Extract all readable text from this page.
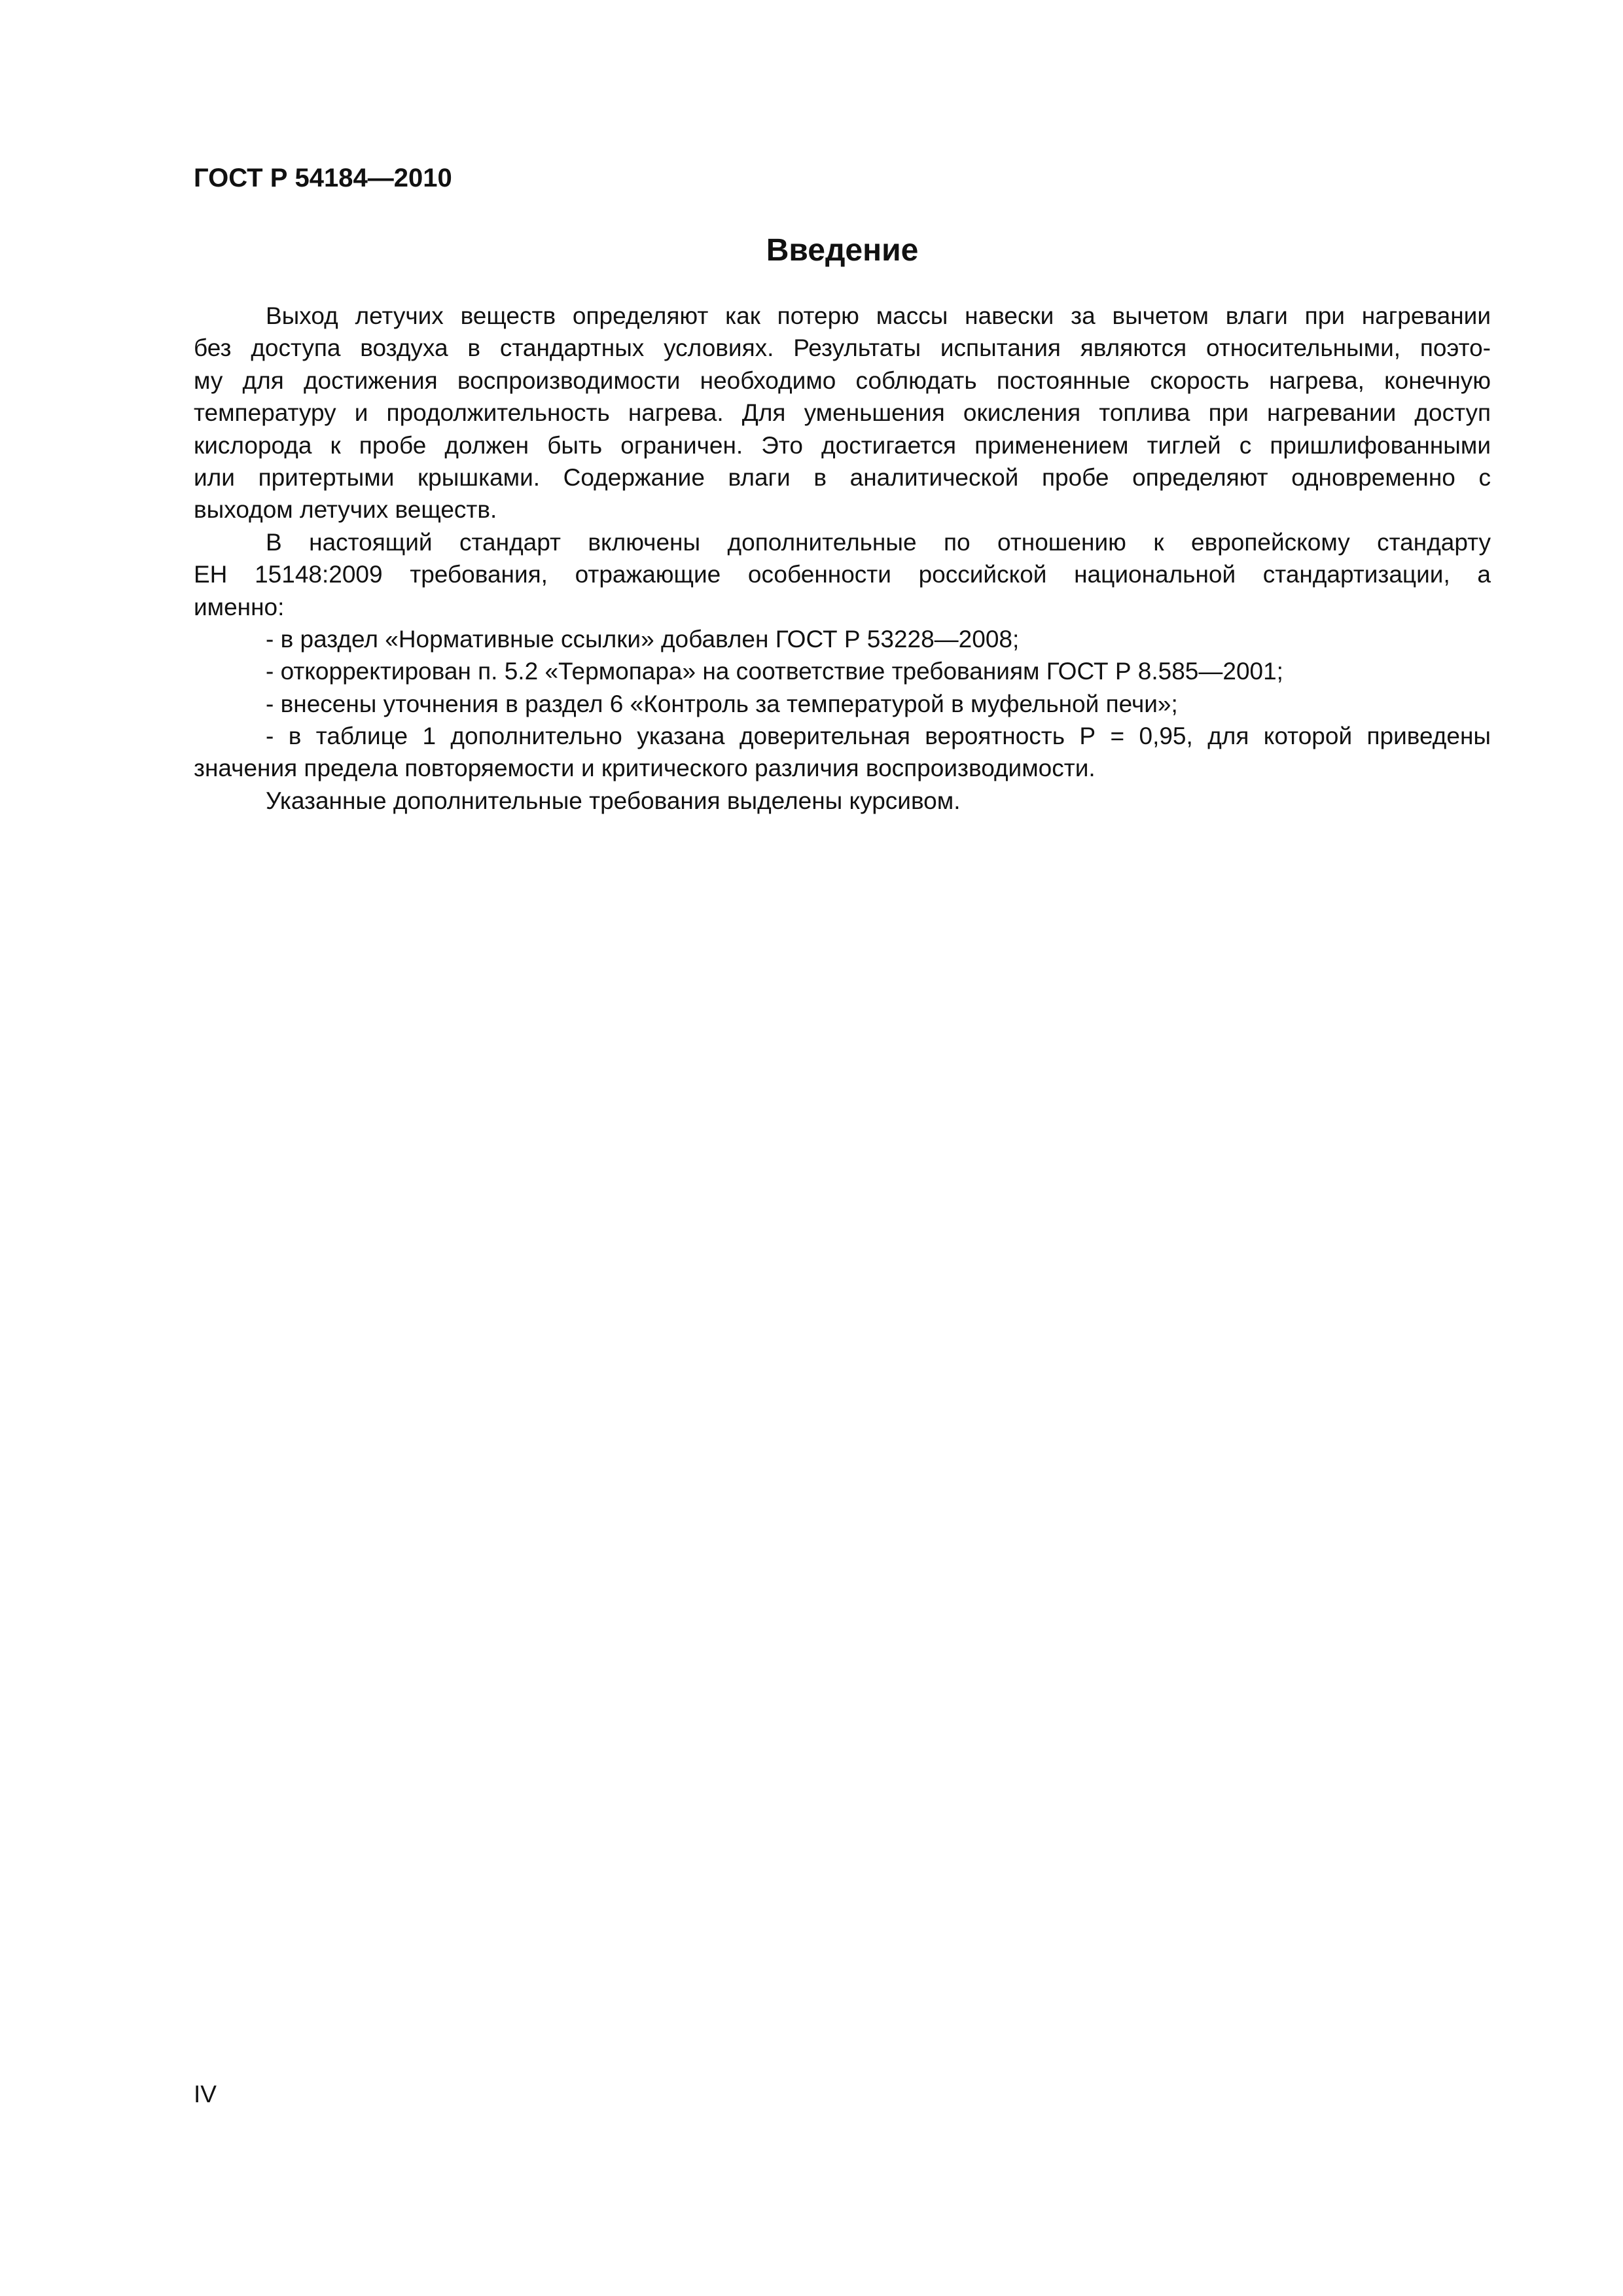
ГОСТ Р 54184—2010
Введение
Выход летучих веществ определяют как потерю массы навески за вычетом влаги при нагревании
без доступа воздуха в стандартных условиях. Результаты испытания являются относительными, поэто-
му для достижения воспроизводимости необходимо соблюдать постоянные скорость нагрева, конечную
температуру и продолжительность нагрева. Для уменьшения окисления топлива при нагревании доступ
кислорода к пробе должен быть ограничен. Это достигается применением тиглей с пришлифованными
или притертыми крышками. Содержание влаги в аналитической пробе определяют одновременно с
выходом летучих веществ.
В настоящий стандарт включены дополнительные по отношению к европейскому стандарту
ЕН 15148:2009 требования, отражающие особенности российской национальной стандартизации, а
именно:
- в раздел «Нормативные ссылки» добавлен ГОСТ Р 53228—2008;
- откорректирован п. 5.2 «Термопара» на соответствие требованиям ГОСТ Р 8.585—2001;
- внесены уточнения в раздел 6 «Контроль за температурой в муфельной печи»;
- в таблице 1 дополнительно указана доверительная вероятность Р = 0,95, для которой приведены
значения предела повторяемости и критического различия воспроизводимости.
Указанные дополнительные требования выделены курсивом.
IV
